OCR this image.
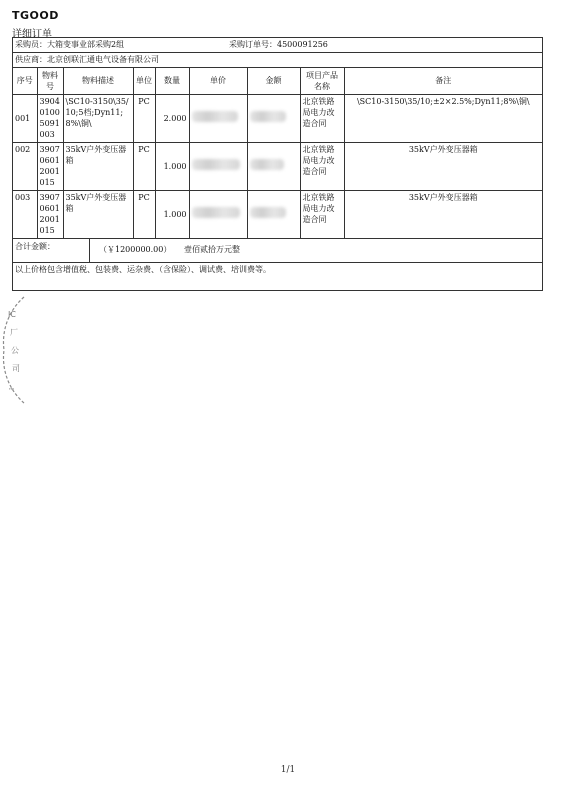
TGOOD
详细订单
采购员：大箱变事业部采购2组	采购订单号：4500091256
供应商：北京创联汇通电气设备有限公司
序号	物料号	物料描述	单位	数量	单价	金额	项目产品名称	备注
001	390401005091003	\SC10-3150\35/10;5档;Dyn11;8%\铜\	PC	2.000			北京铁路局电力改造合同	\SC10-3150\35/10;±2×2.5%;Dyn11;8%\铜\
002	390706012001015	35kV户外变压器箱	PC	1.000			北京铁路局电力改造合同	35kV户外变压器箱
003	390706012001015	35kV户外变压器箱	PC	1.000			北京铁路局电力改造合同	35kV户外变压器箱
合计金额：	（￥1200000.00） 壹佰贰拾万元整
以上价格包含增值税、包装费、运杂费、（含保险）、调试费、培训费等。
IC
厂
公
司
™
1/1
